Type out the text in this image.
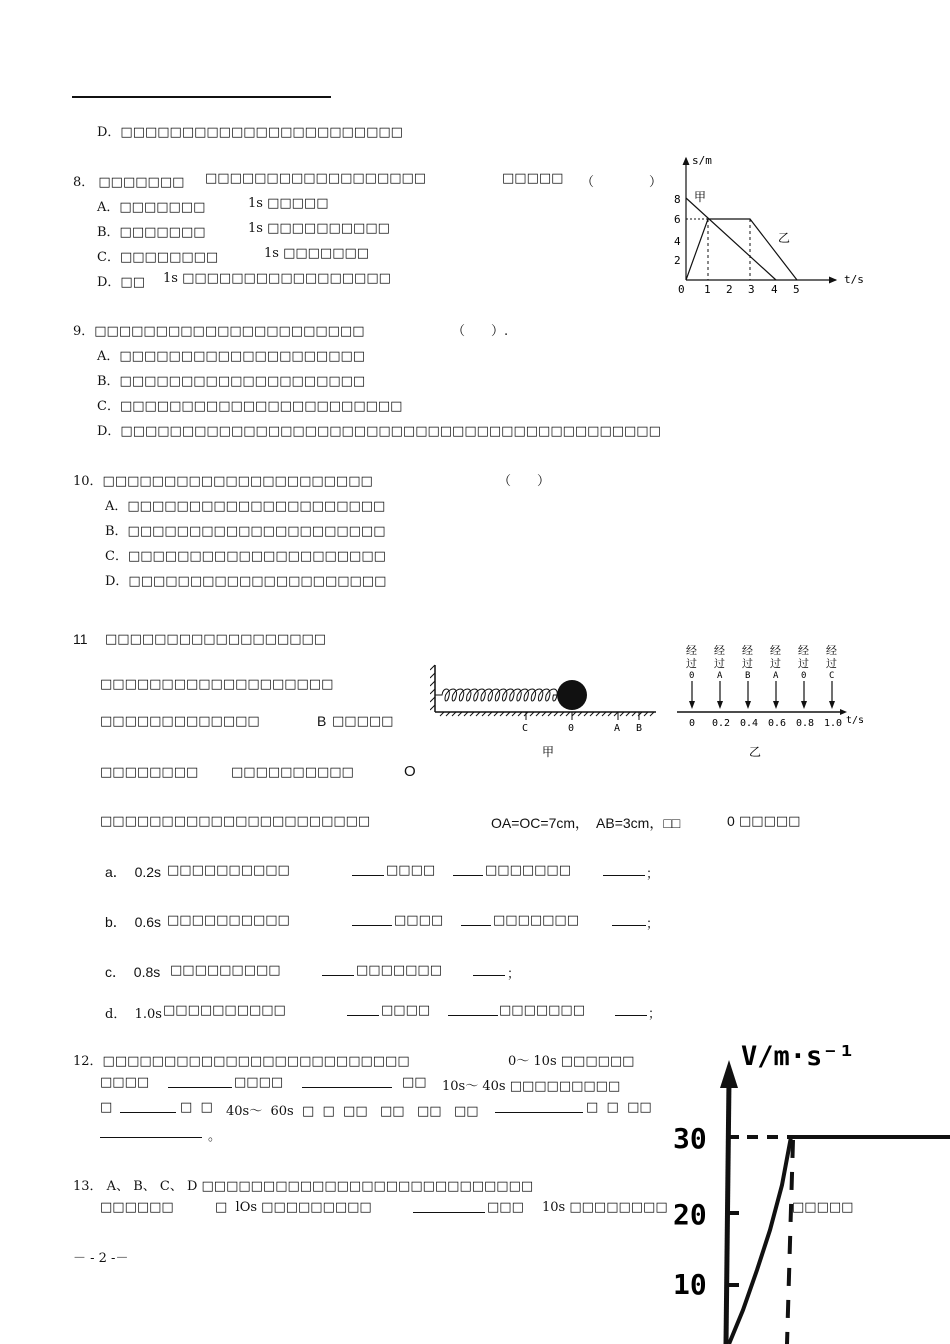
D．□□□□□□□□□□□□□□□□□□□□□□□
8． □□□□□□□ □□□□□□□□□□□□□□□□□□	□□□□□ （	）
A．□□□□□□□	1s □□□□□
B．□□□□□□□	1s □□□□□□□□□□
C．□□□□□□□□	1s □□□□□□□
D．□□ 1s □□□□□□□□□□□□□□□□□
s/m
t/s
8
6
4
2
0 1 2 3 4 5
甲
乙
9．□□□□□□□□□□□□□□□□□□□□□□	（　　）.
A．□□□□□□□□□□□□□□□□□□□□
B．□□□□□□□□□□□□□□□□□□□□
C．□□□□□□□□□□□□□□□□□□□□□□□
D．□□□□□□□□□□□□□□□□□□□□□□□□□□□□□□□□□□□□□□□□□□□□
10．□□□□□□□□□□□□□□□□□□□□□□	（　　）
A．□□□□□□□□□□□□□□□□□□□□□
B．□□□□□□□□□□□□□□□□□□□□□
C．□□□□□□□□□□□□□□□□□□□□□
D．□□□□□□□□□□□□□□□□□□□□□
11 □□□□□□□□□□□□□□□□□□
□□□□□□□□□□□□□□□□□□□
□□□□□□□□□□□□□	B □□□□□
□□□□□□□□	□□□□□□□□□□	O
□□□□□□□□□□□□□□□□□□□□□□	OA=OC=7cm，  AB=3cm，□□	0 □□□□□
a．  0.2s □□□□□□□□□□	□□□□	□□□□□□□	；
b．  0.6s □□□□□□□□□□	□□□□	□□□□□□□	；
c．  0.8s □□□□□□□□□	□□□□□□□	；
d．  1.0s □□□□□□□□□□	□□□□	□□□□□□□	；
C	0	A B
甲
经
过
0
经
过
A
经
过
B
经
过
A
经
过
0
经
过
C
0 0.2 0.4 0.6 0.8 1.0 t/s
乙
12．□□□□□□□□□□□□□□□□□□□□□□□□□	0～ 10s □□□□□□
□□□□	□□□□	□□ 10s～ 40s □□□□□□□□□
□	□  □ 40s～  60s  □  □  □□   □□   □□   □□	□  □  □□
。
V/m·s⁻¹
30
20
10
13． A、 B、 C、 D □□□□□□□□□□□□□□□□□□□□□□□□□□□
□□□□□□	□  lOs □□□□□□□□□	□□□ 10s □□□□□□□□	□□□□□
－ - 2 -－
